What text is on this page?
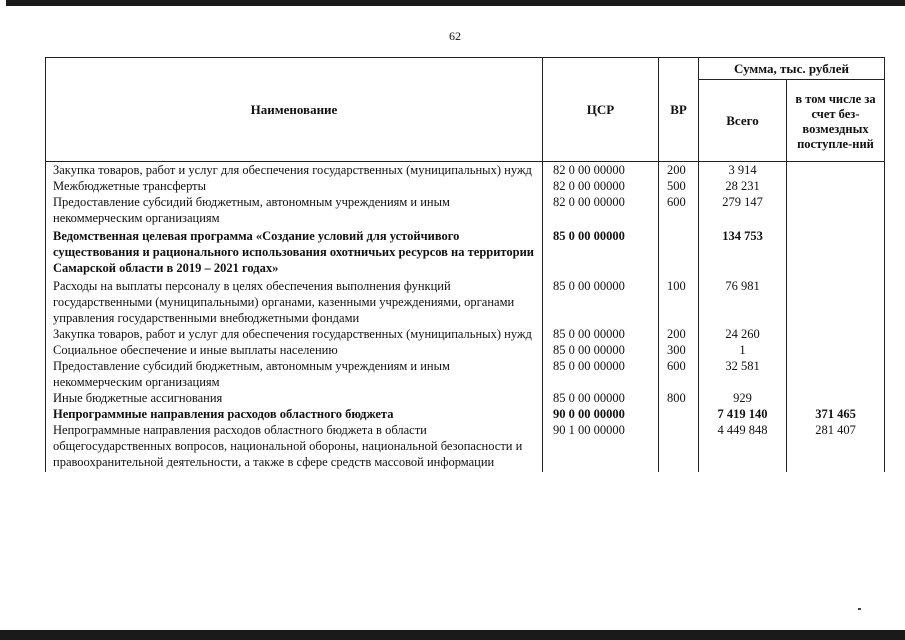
62
Наименование	ЦСР	ВР	Сумма, тыс. рублей	
			Всего	в том числе за счет без-возмездных поступле-ний
Закупка товаров, работ и услуг для обеспечения государственных (муниципальных) нужд	82 0 00 00000	200	3 914	
Межбюджетные трансферты	82 0 00 00000	500	28 231	
Предоставление субсидий бюджетным, автономным учреждениям и иным некоммерческим организациям	82 0 00 00000	600	279 147	
Ведомственная целевая программа «Создание условий для устойчивого существования и рационального использования охотничьих ресурсов на территории Самарской области в 2019 – 2021 годах»	85 0 00 00000		134 753	
Расходы на выплаты персоналу в целях обеспечения выполнения функций государственными (муниципальными) органами, казенными учреждениями, органами управления государственными внебюджетными фондами	85 0 00 00000	100	76 981	
Закупка товаров, работ и услуг для обеспечения государственных (муниципальных) нужд	85 0 00 00000	200	24 260	
Социальное обеспечение и иные выплаты населению	85 0 00 00000	300	1	
Предоставление субсидий бюджетным, автономным учреждениям и иным некоммерческим организациям	85 0 00 00000	600	32 581	
Иные бюджетные ассигнования	85 0 00 00000	800	929	
Непрограммные направления расходов областного бюджета	90 0 00 00000		7 419 140	371 465
Непрограммные направления расходов областного бюджета в области общегосударственных вопросов, национальной обороны, национальной безопасности и правоохранительной деятельности, а также в сфере средств массовой информации	90 1 00 00000		4 449 848	281 407
